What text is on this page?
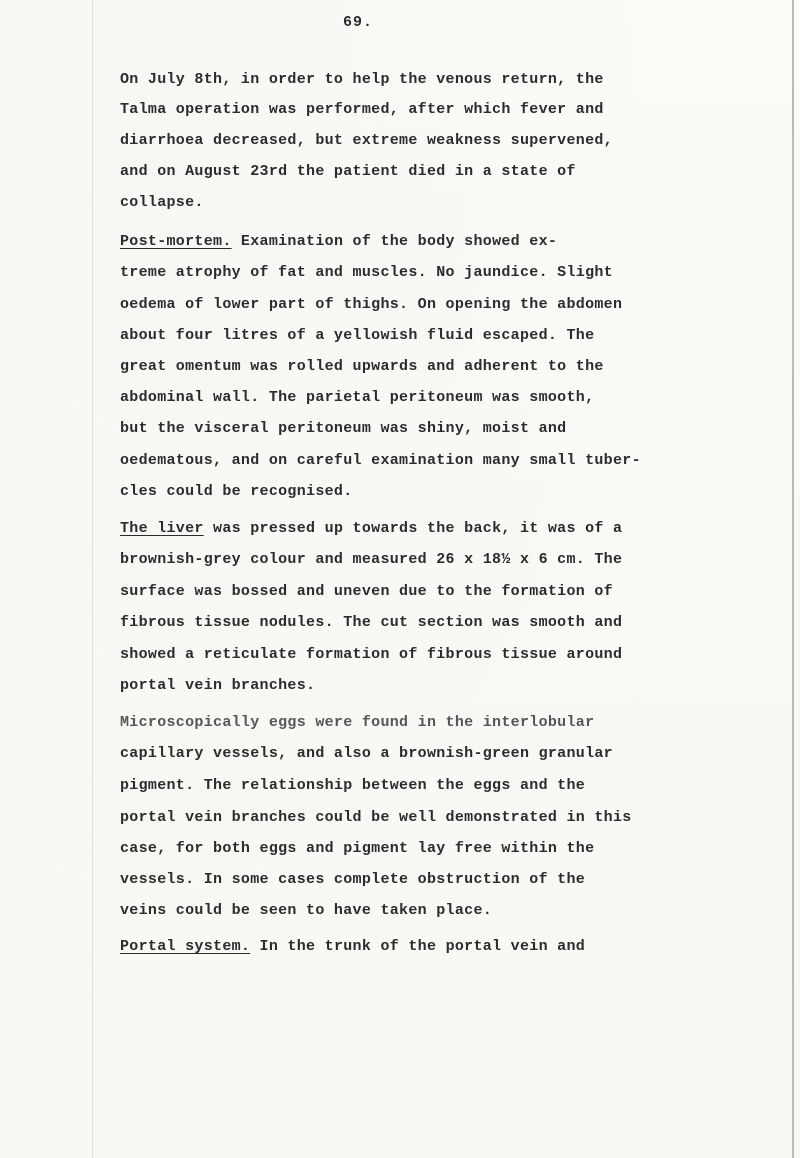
69.
On July 8th, in order to help the venous return, the
Talma operation was performed, after which fever and
diarrhoea decreased, but extreme weakness supervened,
and on August 23rd the patient died in a state of
collapse.
Post-mortem. Examination of the body showed ex-
treme atrophy of fat and muscles. No jaundice. Slight
oedema of lower part of thighs. On opening the abdomen
about four litres of a yellowish fluid escaped. The
great omentum was rolled upwards and adherent to the
abdominal wall. The parietal peritoneum was smooth,
but the visceral peritoneum was shiny, moist and
oedematous, and on careful examination many small tuber-
cles could be recognised.
The liver was pressed up towards the back, it was of a
brownish-grey colour and measured 26 x 18½ x 6 cm. The
surface was bossed and uneven due to the formation of
fibrous tissue nodules. The cut section was smooth and
showed a reticulate formation of fibrous tissue around
portal vein branches.
Microscopically eggs were found in the interlobular
capillary vessels, and also a brownish-green granular
pigment. The relationship between the eggs and the
portal vein branches could be well demonstrated in this
case, for both eggs and pigment lay free within the
vessels. In some cases complete obstruction of the
veins could be seen to have taken place.
Portal system. In the trunk of the portal vein and
